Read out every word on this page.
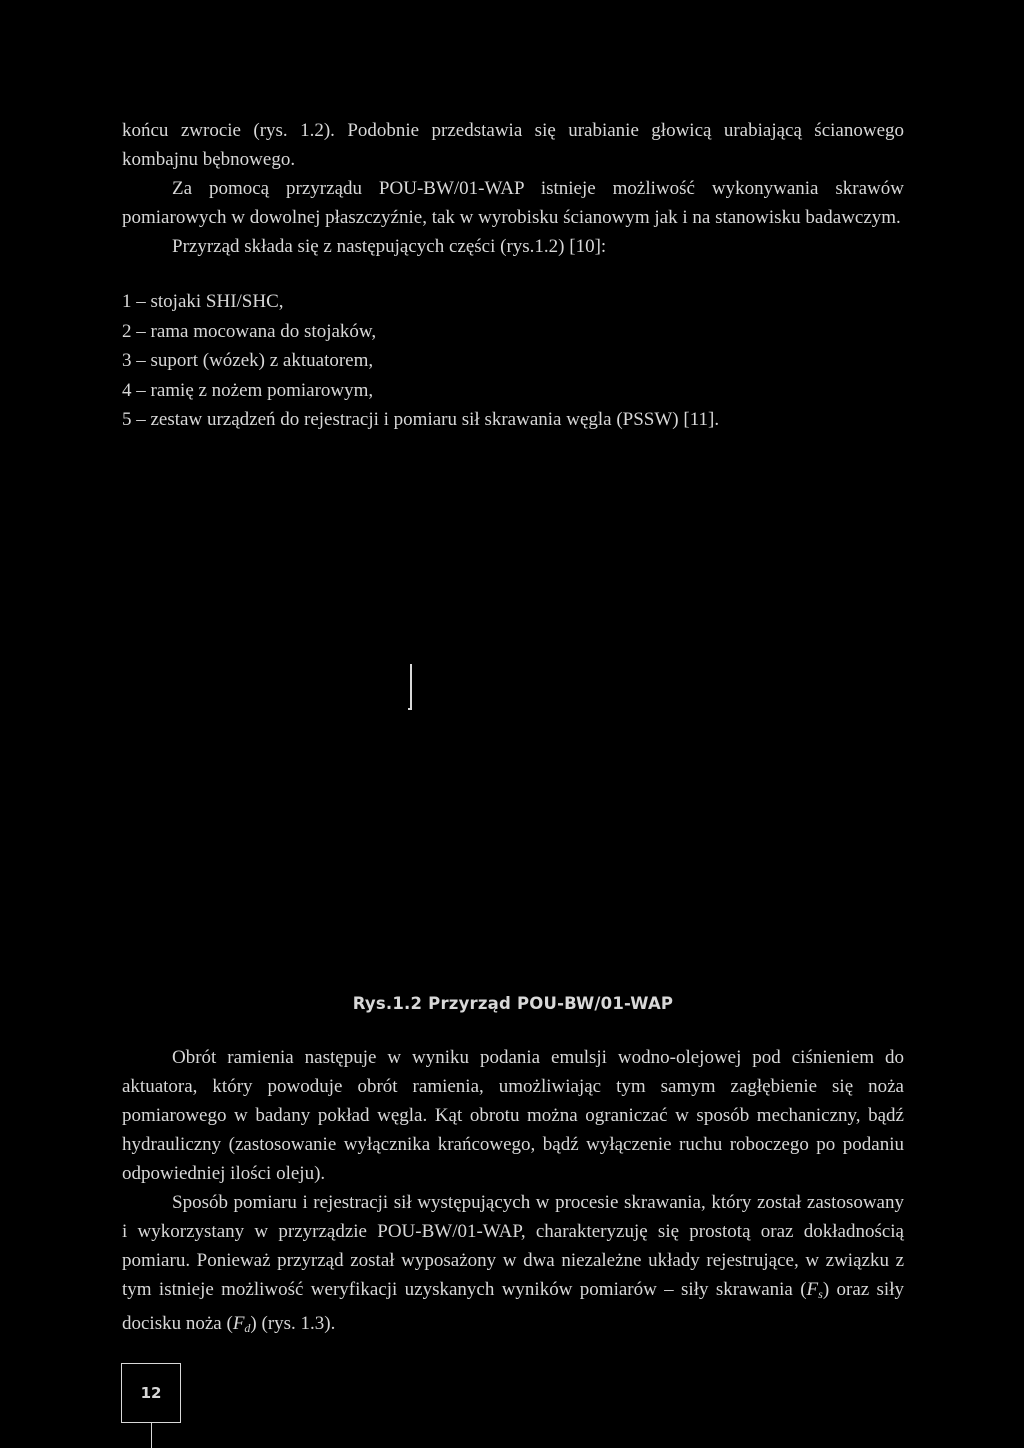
końcu zwrocie (rys. 1.2). Podobnie przedstawia się urabianie głowicą urabiającą ścianowego kombajnu bębnowego.

Za pomocą przyrządu POU-BW/01-WAP istnieje możliwość wykonywania skrawów pomiarowych w dowolnej płaszczyźnie, tak w wyrobisku ścianowym jak i na stanowisku badawczym.

Przyrząd składa się z następujących części (rys.1.2) [10]:

1 – stojaki SHI/SHC,

2 – rama mocowana do stojaków,

3 – suport (wózek) z aktuatorem,

4 – ramię z nożem pomiarowym,

5 – zestaw urządzeń do rejestracji i pomiaru sił skrawania węgla (PSSW) [11].

Rys.1.2 Przyrząd POU-BW/01-WAP

Obrót ramienia następuje w wyniku podania emulsji wodno-olejowej pod ciśnieniem do aktuatora, który powoduje obrót ramienia, umożliwiając tym samym zagłębienie się noża pomiarowego w badany pokład węgla. Kąt obrotu można ograniczać w sposób mechaniczny, bądź hydrauliczny (zastosowanie wyłącznika krańcowego, bądź wyłączenie ruchu roboczego po podaniu odpowiedniej ilości oleju).

Sposób pomiaru i rejestracji sił występujących w procesie skrawania, który został zastosowany i wykorzystany w przyrządzie POU-BW/01-WAP, charakteryzuję się prostotą oraz dokładnością pomiaru. Ponieważ przyrząd został wyposażony w dwa niezależne układy rejestrujące, w związku z tym istnieje możliwość weryfikacji uzyskanych wyników pomiarów – siły skrawania $(F_s)$ oraz siły docisku noża $(F_d)$ (rys. 1.3).

12
